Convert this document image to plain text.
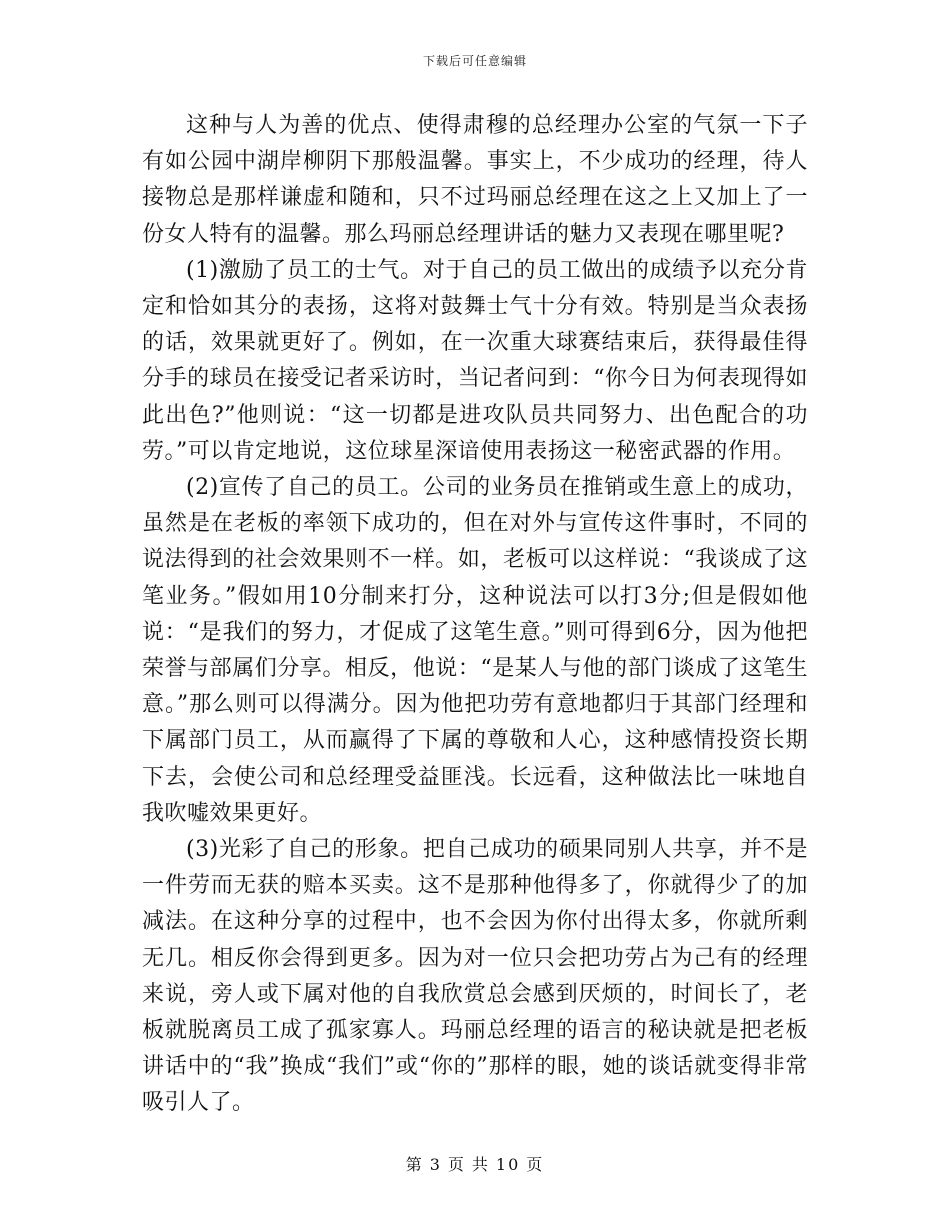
下载后可任意编辑

这种与人为善的优点、使得肃穆的总经理办公室的气氛一下子有如公园中湖岸柳阴下那般温馨。事实上，不少成功的经理，待人接物总是那样谦虚和随和，只不过玛丽总经理在这之上又加上了一份女人特有的温馨。那么玛丽总经理讲话的魅力又表现在哪里呢?

(1)激励了员工的士气。对于自己的员工做出的成绩予以充分肯定和恰如其分的表扬，这将对鼓舞士气十分有效。特别是当众表扬的话，效果就更好了。例如，在一次重大球赛结束后，获得最佳得分手的球员在接受记者采访时，当记者问到：“你今日为何表现得如此出色?”他则说：“这一切都是进攻队员共同努力、出色配合的功劳。”可以肯定地说，这位球星深谙使用表扬这一秘密武器的作用。

(2)宣传了自己的员工。公司的业务员在推销或生意上的成功，虽然是在老板的率领下成功的，但在对外与宣传这件事时，不同的说法得到的社会效果则不一样。如，老板可以这样说：“我谈成了这笔业务。”假如用10分制来打分，这种说法可以打3分;但是假如他说：“是我们的努力，才促成了这笔生意。”则可得到6分，因为他把荣誉与部属们分享。相反，他说：“是某人与他的部门谈成了这笔生意。”那么则可以得满分。因为他把功劳有意地都归于其部门经理和下属部门员工，从而赢得了下属的尊敬和人心，这种感情投资长期下去，会使公司和总经理受益匪浅。长远看，这种做法比一味地自我吹嘘效果更好。

(3)光彩了自己的形象。把自己成功的硕果同别人共享，并不是一件劳而无获的赔本买卖。这不是那种他得多了，你就得少了的加减法。在这种分享的过程中，也不会因为你付出得太多，你就所剩无几。相反你会得到更多。因为对一位只会把功劳占为己有的经理来说，旁人或下属对他的自我欣赏总会感到厌烦的，时间长了，老板就脱离员工成了孤家寡人。玛丽总经理的语言的秘诀就是把老板讲话中的“我”换成“我们”或“你的”那样的眼，她的谈话就变得非常吸引人了。

第 3 页 共 10 页
